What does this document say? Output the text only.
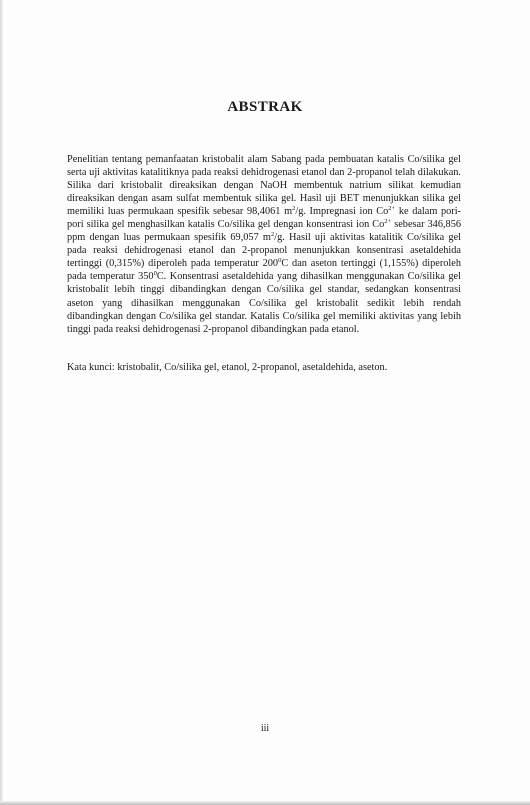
ABSTRAK

Penelitian tentang pemanfaatan kristobalit alam Sabang pada pembuatan katalis Co/silika gel serta uji aktivitas katalitiknya pada reaksi dehidrogenasi etanol dan 2-propanol telah dilakukan. Silika dari kristobalit direaksikan dengan NaOH membentuk natrium silikat kemudian direaksikan dengan asam sulfat membentuk silika gel. Hasil uji BET menunjukkan silika gel memiliki luas permukaan spesifik sebesar 98,4061 $m^2/g$. Impregnasi ion $Co^{2+}$ ke dalam pori-pori silika gel menghasilkan katalis Co/silika gel dengan konsentrasi ion $Co^{2+}$ sebesar 346,856 ppm dengan luas permukaan spesifik 69,057 $m^2/g$. Hasil uji aktivitas katalitik Co/silika gel pada reaksi dehidrogenasi etanol dan 2-propanol menunjukkan konsentrasi asetaldehida tertinggi (0,315%) diperoleh pada temperatur $200^0C$ dan aseton tertinggi (1,155%) diperoleh pada temperatur $350^0C$. Konsentrasi asetaldehida yang dihasilkan menggunakan Co/silika gel kristobalit lebih tinggi dibandingkan dengan Co/silika gel standar, sedangkan konsentrasi aseton yang dihasilkan menggunakan Co/silika gel kristobalit sedikit lebih rendah dibandingkan dengan Co/silika gel standar. Katalis Co/silika gel memiliki aktivitas yang lebih tinggi pada reaksi dehidrogenasi 2-propanol dibandingkan pada etanol.

Kata kunci: kristobalit, Co/silika gel, etanol, 2-propanol, asetaldehida, aseton.

iii
